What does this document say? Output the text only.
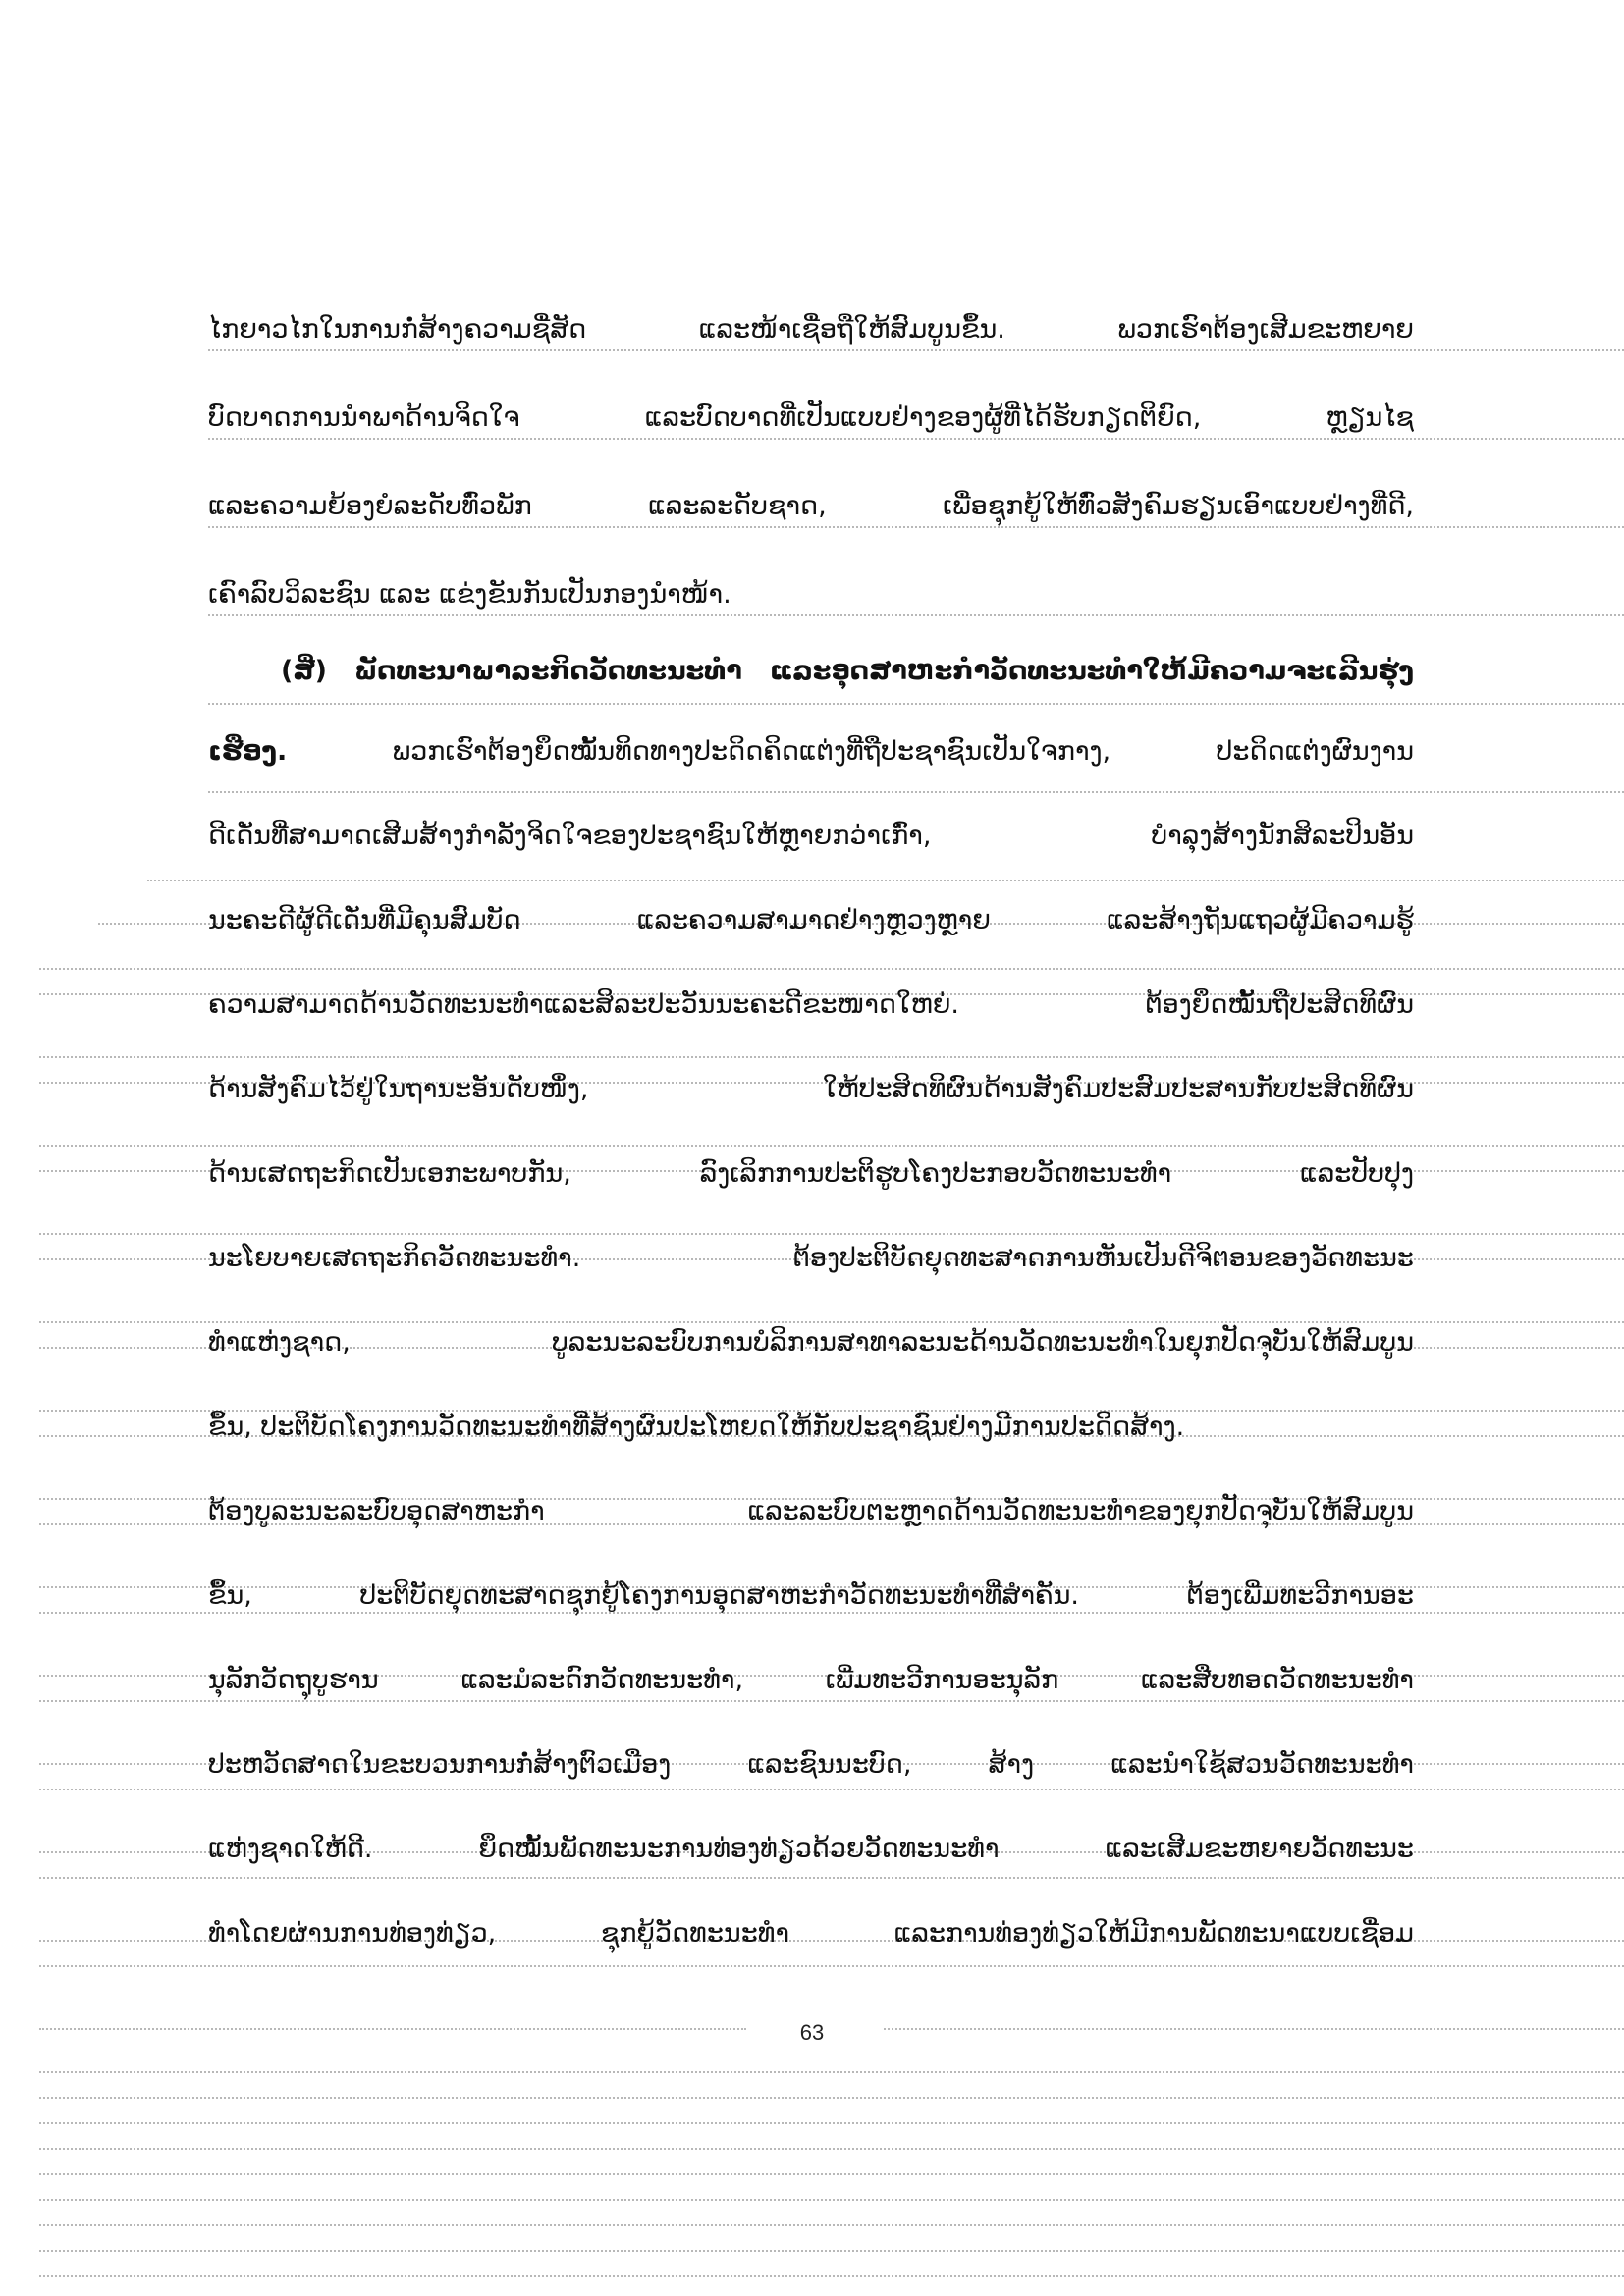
ໄກຍາວໄກໃນການກໍ່ສ້າງຄວາມຊື່ສັດ ແລະໜ້າເຊື່ອຖືໃຫ້ສົມບູນຂຶ້ນ. ພວກເຮົາຕ້ອງເສີມຂະຫຍາຍ
ບົດບາດການນຳພາດ້ານຈິດໃຈ ແລະບົດບາດທີ່ເປັນແບບຢ່າງຂອງຜູ້ທີ່ໄດ້ຮັບກຽດຕິຍົດ, ຫຼຽນໄຊ
ແລະຄວາມຍ້ອງຍໍລະດັບທົ່ວພັກ ແລະລະດັບຊາດ, ເພື່ອຊຸກຍູ້ໃຫ້ທົ່ວສັງຄົມຮຽນເອົາແບບຢ່າງທີ່ດີ,
ເຄົາລົບວິລະຊົນ ແລະ ແຂ່ງຂັນກັນເປັນກອງນຳໜ້າ.
(ສີ່) ພັດທະນາພາລະກິດວັດທະນະທຳ ແລະອຸດສາຫະກຳວັດທະນະທຳໃຫ້ມີຄວາມຈະເລີນຮຸ່ງ
ເຮືອງ. ພວກເຮົາຕ້ອງຍຶດໝັ້ນທິດທາງປະດິດຄິດແຕ່ງທີ່ຖືປະຊາຊົນເປັນໃຈກາງ, ປະດິດແຕ່ງຜົນງານ
ດີເດັ່ນທີ່ສາມາດເສີມສ້າງກຳລັງຈິດໃຈຂອງປະຊາຊົນໃຫ້ຫຼາຍກວ່າເກົ່າ, ບຳລຸງສ້າງນັກສິລະປິນອັນ
ນະຄະດີຜູ້ດີເດັ່ນທີ່ມີຄຸນສົມບັດ ແລະຄວາມສາມາດຢ່າງຫຼວງຫຼາຍ ແລະສ້າງຖັນແຖວຜູ້ມີຄວາມຮູ້
ຄວາມສາມາດດ້ານວັດທະນະທຳແລະສິລະປະວັນນະຄະດີຂະໜາດໃຫຍ່. ຕ້ອງຍຶດໝັ້ນຖືປະສິດທິຜົນ
ດ້ານສັງຄົມໄວ້ຢູ່ໃນຖານະອັນດັບໜຶ່ງ, ໃຫ້ປະສິດທິຜົນດ້ານສັງຄົມປະສົມປະສານກັບປະສິດທິຜົນ
ດ້ານເສດຖະກິດເປັນເອກະພາບກັນ, ລົງເລິກການປະຕິຮູບໂຄງປະກອບວັດທະນະທຳ ແລະປັບປຸງ
ນະໂຍບາຍເສດຖະກິດວັດທະນະທຳ. ຕ້ອງປະຕິບັດຍຸດທະສາດການຫັນເປັນດີຈິຕອນຂອງວັດທະນະ
ທຳແຫ່ງຊາດ, ບູລະນະລະບົບການບໍລິການສາທາລະນະດ້ານວັດທະນະທຳໃນຍຸກປັດຈຸບັນໃຫ້ສົມບູນ
ຂຶ້ນ, ປະຕິບັດໂຄງການວັດທະນະທຳທີ່ສ້າງຜົນປະໂຫຍດໃຫ້ກັບປະຊາຊົນຢ່າງມີການປະດິດສ້າງ.
ຕ້ອງບູລະນະລະບົບອຸດສາຫະກຳ ແລະລະບົບຕະຫຼາດດ້ານວັດທະນະທຳຂອງຍຸກປັດຈຸບັນໃຫ້ສົມບູນ
ຂຶ້ນ, ປະຕິບັດຍຸດທະສາດຊຸກຍູ້ໂຄງການອຸດສາຫະກຳວັດທະນະທຳທີ່ສຳຄັນ. ຕ້ອງເພີ່ມທະວີການອະ
ນຸລັກວັດຖຸບູຮານ ແລະມໍລະດົກວັດທະນະທຳ, ເພີ່ມທະວີການອະນຸລັກ ແລະສືບທອດວັດທະນະທຳ
ປະຫວັດສາດໃນຂະບວນການກໍ່ສ້າງຕົວເມືອງ ແລະຊົນນະບົດ, ສ້າງ ແລະນຳໃຊ້ສວນວັດທະນະທຳ
ແຫ່ງຊາດໃຫ້ດີ. ຍຶດໝັ້ນພັດທະນະການທ່ອງທ່ຽວດ້ວຍວັດທະນະທຳ ແລະເສີມຂະຫຍາຍວັດທະນະ
ທຳໂດຍຜ່ານການທ່ອງທ່ຽວ, ຊຸກຍູ້ວັດທະນະທຳ ແລະການທ່ອງທ່ຽວໃຫ້ມີການພັດທະນາແບບເຊື່ອມ
63
